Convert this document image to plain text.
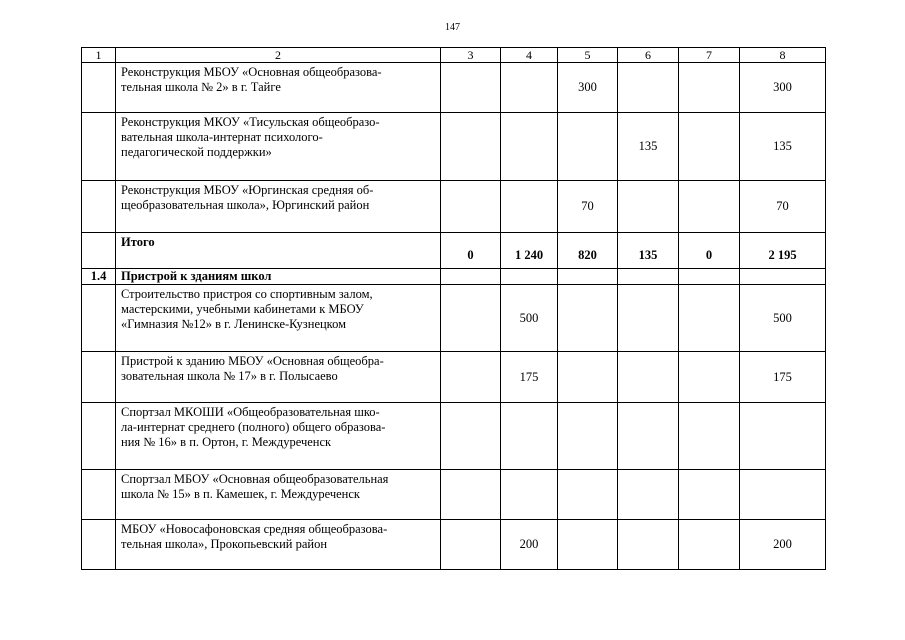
147
1	2	3	4	5	6	7	8

	Реконструкция МБОУ «Основная общеобразова-
тельная школа № 2» в г. Тайге			300			300

	Реконструкция МКОУ «Тисульская общеобразо-
вательная школа-интернат психолого-
педагогической поддержки»				135		135

	Реконструкция МБОУ «Юргинская средняя об-
щеобразовательная школа», Юргинский район			70			70

	Итого	0	1 240	820	135	0	2 195
1.4	Пристрой к зданиям школ						

	Строительство пристроя со спортивным залом,
мастерскими, учебными кабинетами к МБОУ
«Гимназия №12» в г. Ленинске-Кузнецком		500				500

	Пристрой к зданию МБОУ «Основная общеобра-
зовательная школа № 17» в г. Полысаево		175				175

	Спортзал МКОШИ «Общеобразовательная шко-
ла-интернат среднего (полного) общего образова-
ния № 16» в п. Ортон, г. Междуреченск						

	Спортзал МБОУ «Основная общеобразовательная
школа № 15» в п. Камешек, г. Междуреченск						

	МБОУ «Новосафоновская средняя общеобразова-
тельная школа», Прокопьевский район		200				200
